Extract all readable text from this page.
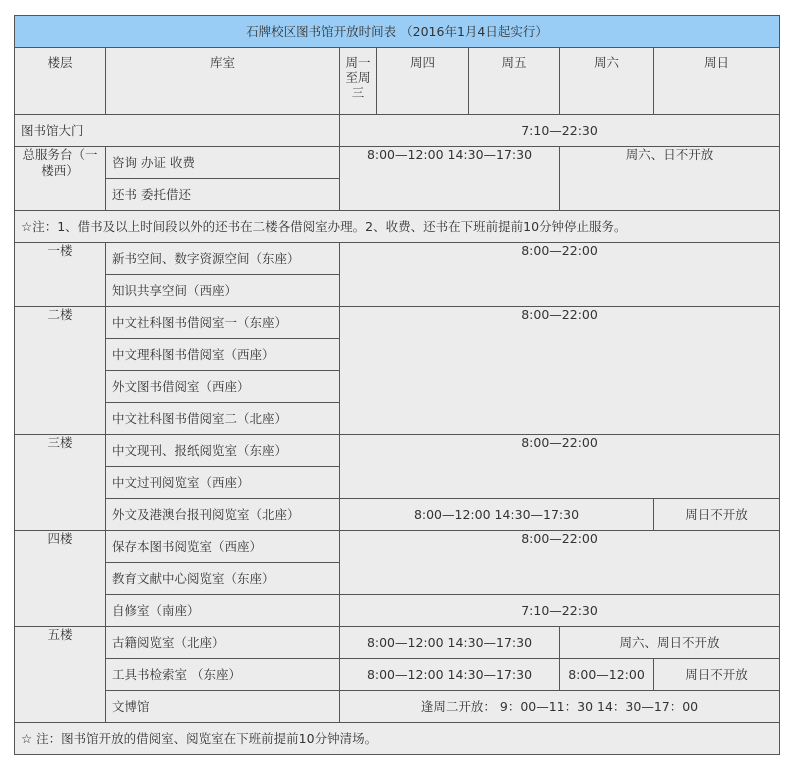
石牌校区图书馆开放时间表 （2016年1月4日起实行）						
楼层	库室	周一至周三	周四	周五	周六	周日
图书馆大门		7:10—22:30				
总服务台（一楼西）	咨询 办证 收费	8:00—12:00 14:30—17:30			周六、日不开放	
	还书 委托借还					
☆注：1、借书及以上时间段以外的还书在二楼各借阅室办理。2、收费、还书在下班前提前10分钟停止服务。						
一楼	新书空间、数字资源空间（东座）	8:00—22:00				
	知识共享空间（西座）					
二楼	中文社科图书借阅室一（东座）	8:00—22:00				
	中文理科图书借阅室（西座）					
	外文图书借阅室（西座）					
	中文社科图书借阅室二（北座）					
三楼	中文现刊、报纸阅览室（东座）	8:00—22:00				
	中文过刊阅览室（西座）					
	外文及港澳台报刊阅览室（北座）	8:00—12:00 14:30—17:30				周日不开放
四楼	保存本图书阅览室（西座）	8:00—22:00				
	教育文献中心阅览室（东座）					
	自修室（南座）	7:10—22:30				
五楼	古籍阅览室（北座）	8:00—12:00 14:30—17:30			周六、周日不开放	
	工具书检索室 （东座）	8:00—12:00 14:30—17:30			8:00—12:00	周日不开放
	文博馆	逢周二开放： 9：00—11：30 14：30—17：00				
☆ 注：图书馆开放的借阅室、阅览室在下班前提前10分钟清场。						
